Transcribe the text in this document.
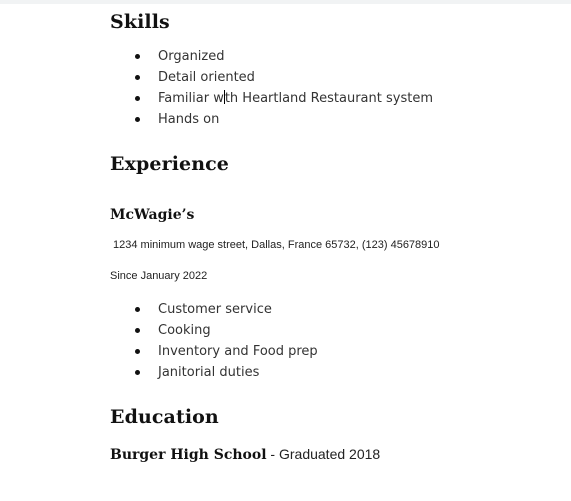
Skills
Organized
Detail oriented
Familiar wth Heartland Restaurant system
Hands on
Experience
McWagie’s
1234 minimum wage street, Dallas, France 65732, (123) 45678910
Since January 2022
Customer service
Cooking
Inventory and Food prep
Janitorial duties
Education
Burger High School - Graduated 2018
